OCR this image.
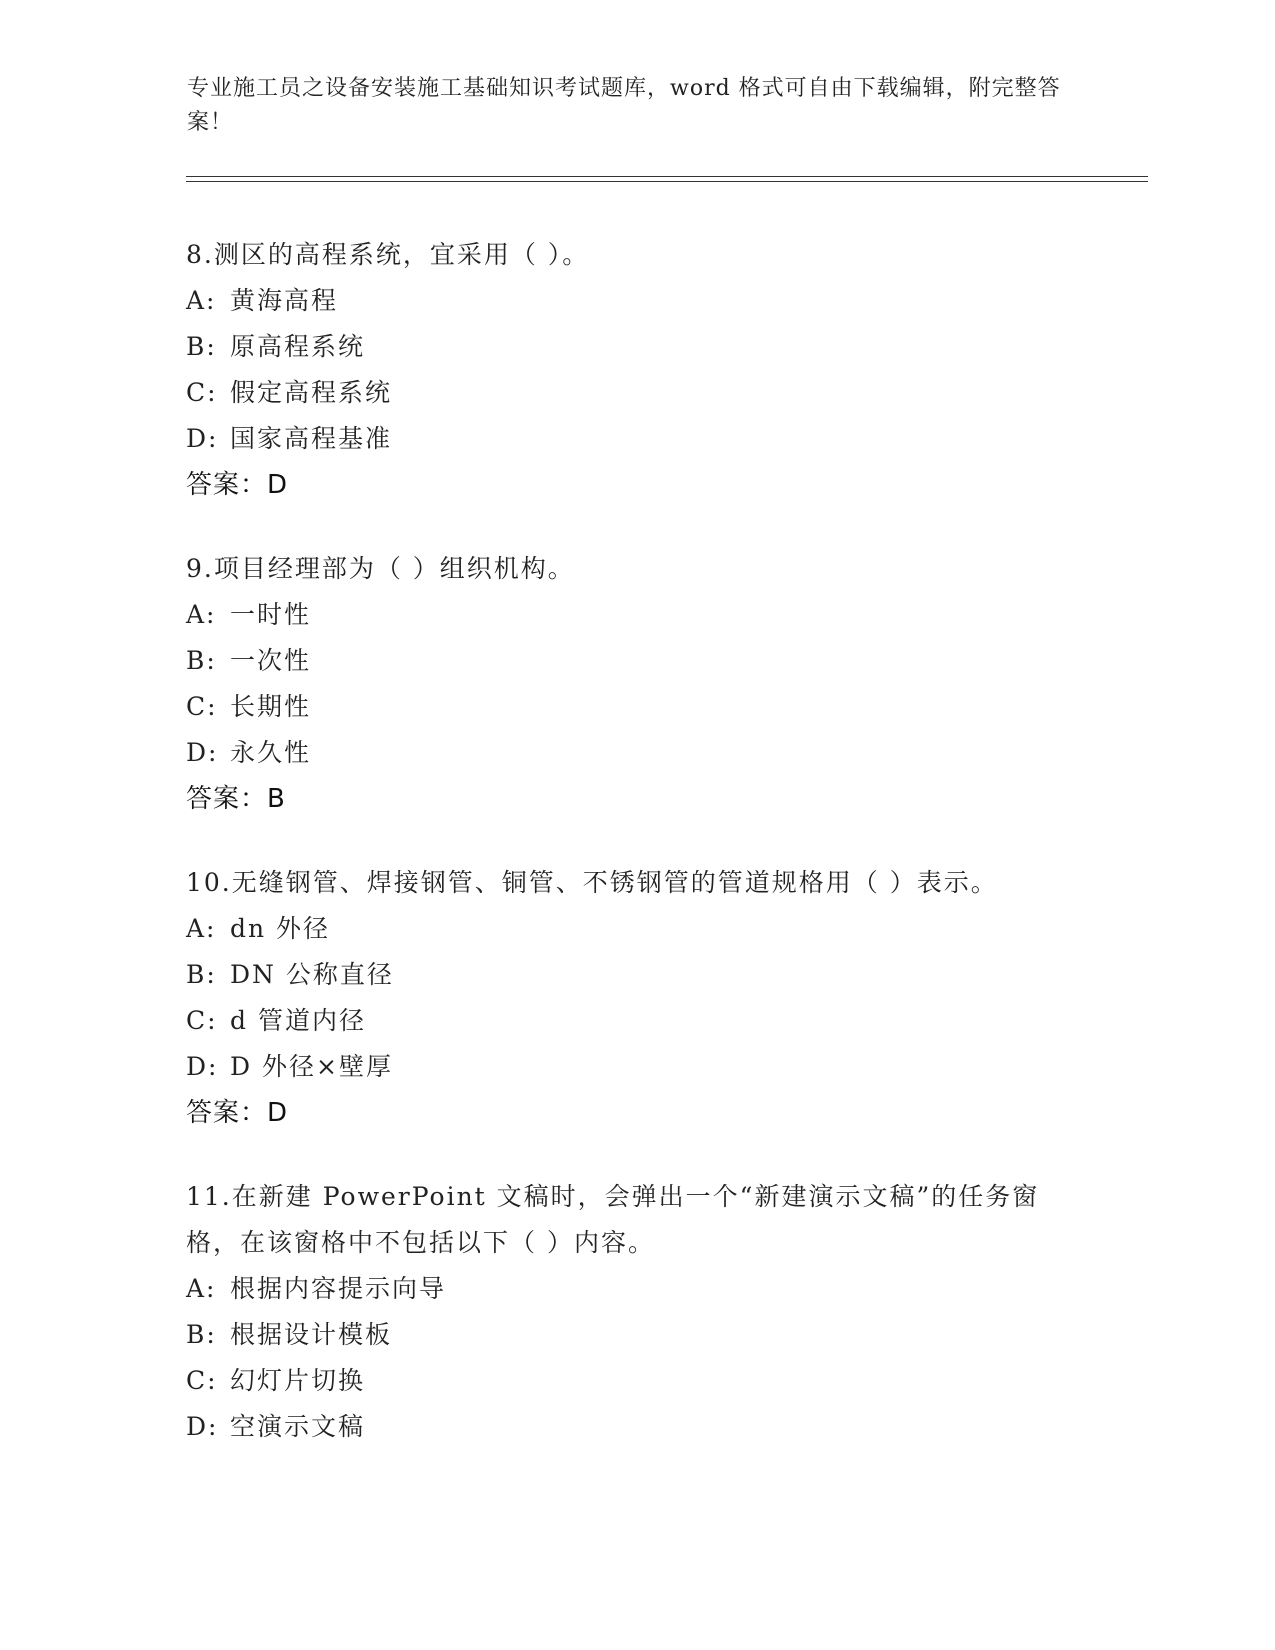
专业施工员之设备安装施工基础知识考试题库，word 格式可自由下载编辑，附完整答案！

8.测区的高程系统，宜采用（ ）。

A: 黄海高程

B: 原高程系统

C: 假定高程系统

D: 国家高程基准

答案：D

9.项目经理部为（ ）组织机构。

A: 一时性

B: 一次性

C: 长期性

D: 永久性

答案：B

10.无缝钢管、焊接钢管、铜管、不锈钢管的管道规格用（ ）表示。

A: dn 外径

B: DN 公称直径

C: d 管道内径

D: D 外径×壁厚

答案：D

11.在新建 PowerPoint 文稿时，会弹出一个“新建演示文稿”的任务窗格，在该窗格中不包括以下（ ）内容。

A: 根据内容提示向导

B: 根据设计模板

C: 幻灯片切换

D: 空演示文稿
